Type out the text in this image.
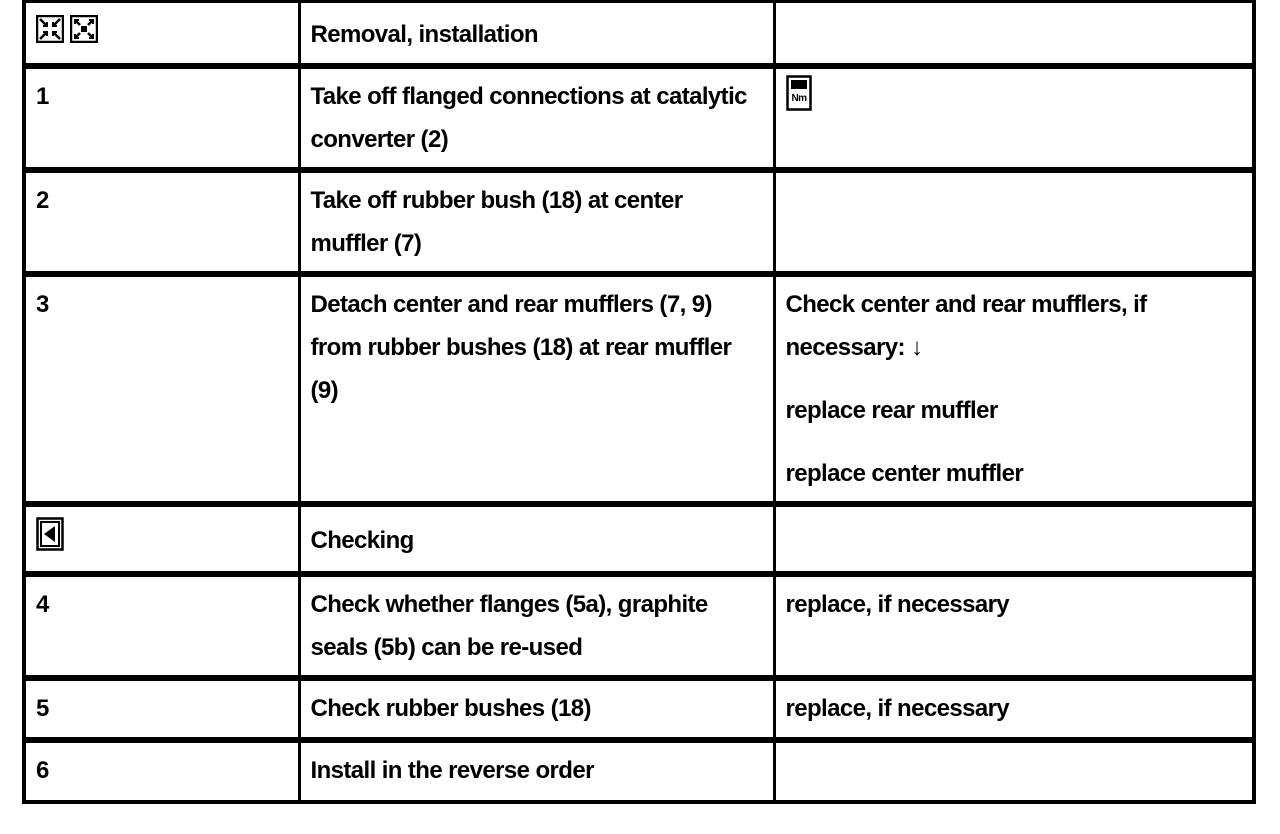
	Removal, installation	
1	Take off flanged connections at catalytic converter (2)	Nm

2	Take off rubber bush (18) at center muffler (7)	
3	Detach center and rear mufflers (7, 9) from rubber bushes (18) at rear muffler (9)	Check center and rear mufflers, if necessary: ↓
replace rear muffler
replace center muffler

	Checking	
4	Check whether flanges (5a), graphite seals (5b) can be re-used	replace, if necessary

5	Check rubber bushes (18)	replace, if necessary

6	Install in the reverse order	
